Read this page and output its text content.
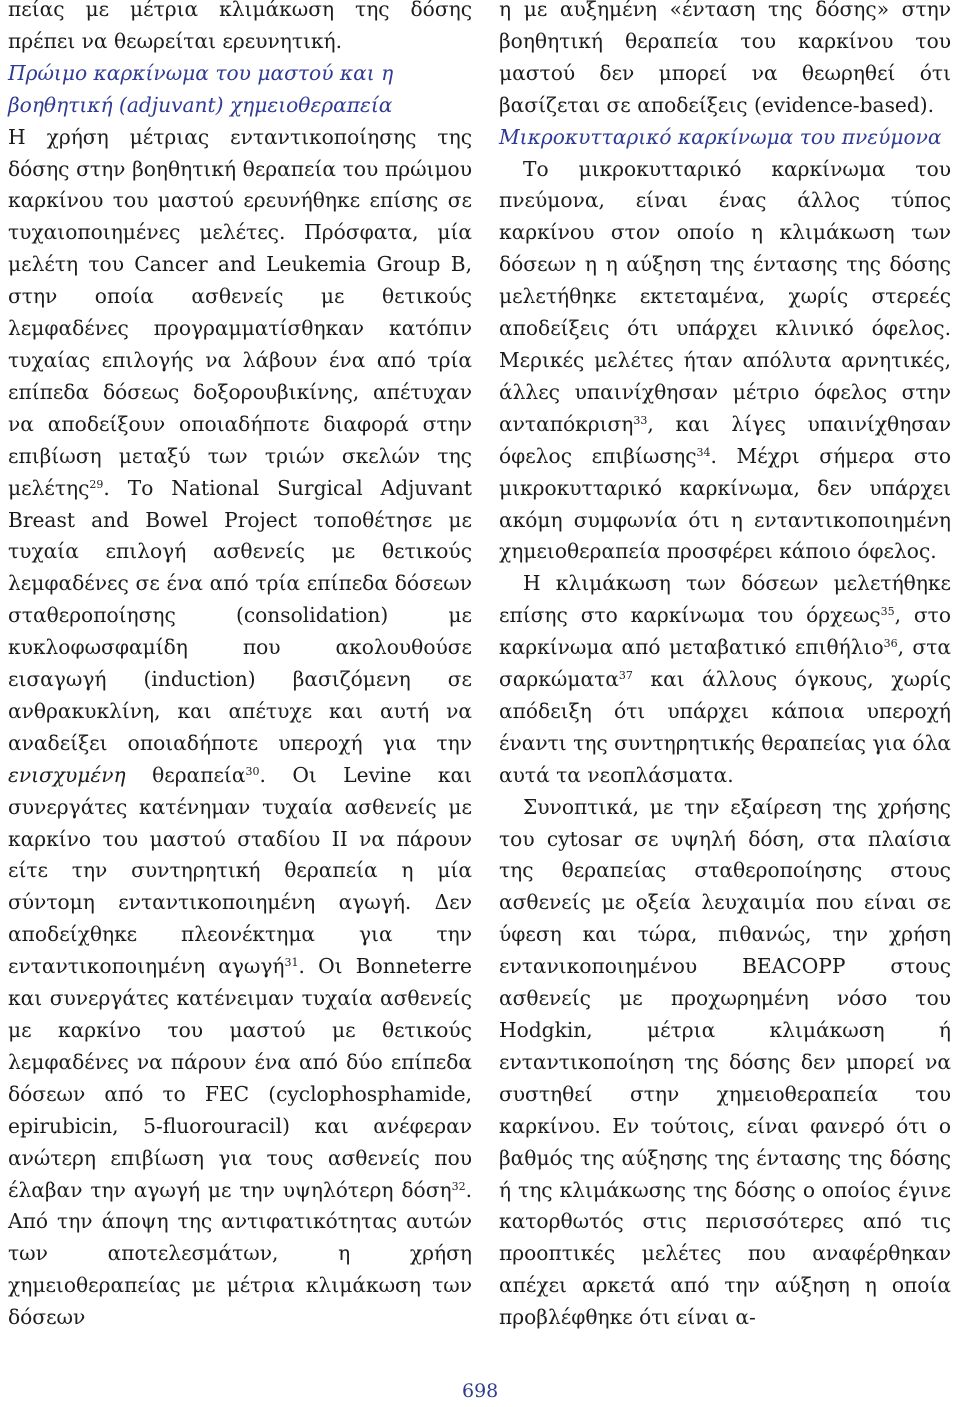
πείας με μέτρια κλιμάκωση της δόσης πρέπει να θεωρείται ερευνητική.

Πρώιμο καρκίνωμα του μαστού και η
βοηθητική (adjuvant) χημειοθεραπεία

Η χρήση μέτριας ενταντικοποίησης της δόσης στην βοηθητική θεραπεία του πρώιμου καρκίνου του μαστού ερευνήθηκε επίσης σε τυχαιοποιημένες μελέτες. Πρόσφατα, μία μελέτη του Cancer and Leukemia Group B, στην οποία ασθενείς με θετικούς λεμφαδένες προγραμματίσθηκαν κατόπιν τυχαίας επιλογής να λάβουν ένα από τρία επίπεδα δόσεως δοξορουβικίνης, απέτυχαν να αποδείξουν οποιαδήποτε διαφορά στην επιβίωση μεταξύ των τριών σκελών της μελέτης$^{29}$. Το National Surgical Adjuvant Breast and Bowel Project τοποθέτησε με τυχαία επιλογή ασθενείς με θετικούς λεμφαδένες σε ένα από τρία επίπεδα δόσεων σταθεροποίησης (consolidation) με κυκλοφωσφαμίδη που ακολουθούσε εισαγωγή (induction) βασιζόμενη σε ανθρακυκλίνη, και απέτυχε και αυτή να αναδείξει οποιαδήποτε υπεροχή για την ενισχυμένη θεραπεία$^{30}$. Οι Levine και συνεργάτες κατένημαν τυχαία ασθενείς με καρκίνο του μαστού σταδίου ΙΙ να πάρουν είτε την συντηρητική θεραπεία η μία σύντομη ενταντικοποιημένη αγωγή. Δεν αποδείχθηκε πλεονέκτημα για την ενταντικοποιημένη αγωγή$^{31}$. Οι Bonneterre και συνεργάτες κατένειμαν τυχαία ασθενείς με καρκίνο του μαστού με θετικούς λεμφαδένες να πάρουν ένα από δύο επίπεδα δόσεων από το FEC (cyclophosphamide, epirubicin, 5-fluorouracil) και ανέφεραν ανώτερη επιβίωση για τους ασθενείς που έλαβαν την αγωγή με την υψηλότερη δόση$^{32}$. Από την άποψη της αντιφατικότητας αυτών των αποτελεσμάτων, η χρήση χημειοθεραπείας με μέτρια κλιμάκωση των δόσεων

η με αυξημένη «ένταση της δόσης» στην βοηθητική θεραπεία του καρκίνου του μαστού δεν μπορεί να θεωρηθεί ότι βασίζεται σε αποδείξεις (evidence-based).

Μικροκυτταρικό καρκίνωμα του πνεύμονα

Το μικροκυτταρικό καρκίνωμα του πνεύμονα, είναι ένας άλλος τύπος καρκίνου στον οποίο η κλιμάκωση των δόσεων η η αύξηση της έντασης της δόσης μελετήθηκε εκτεταμένα, χωρίς στερεές αποδείξεις ότι υπάρχει κλινικό όφελος. Μερικές μελέτες ήταν απόλυτα αρνητικές, άλλες υπαινίχθησαν μέτριο όφελος στην ανταπόκριση$^{33}$, και λίγες υπαινίχθησαν όφελος επιβίωσης$^{34}$. Μέχρι σήμερα στο μικροκυτταρικό καρκίνωμα, δεν υπάρχει ακόμη συμφωνία ότι η ενταντικοποιημένη χημειοθεραπεία προσφέρει κάποιο όφελος.

Η κλιμάκωση των δόσεων μελετήθηκε επίσης στο καρκίνωμα του όρχεως$^{35}$, στο καρκίνωμα από μεταβατικό επιθήλιο$^{36}$, στα σαρκώματα$^{37}$ και άλλους όγκους, χωρίς απόδειξη ότι υπάρχει κάποια υπεροχή έναντι της συντηρητικής θεραπείας για όλα αυτά τα νεοπλάσματα.

Συνοπτικά, με την εξαίρεση της χρήσης του cytosar σε υψηλή δόση, στα πλαίσια της θεραπείας σταθεροποίησης στους ασθενείς με οξεία λευχαιμία που είναι σε ύφεση και τώρα, πιθανώς, την χρήση εντανικοποιημένου BEACOPP στους ασθενείς με προχωρημένη νόσο του Hodgkin, μέτρια κλιμάκωση ή ενταντικοποίηση της δόσης δεν μπορεί να συστηθεί στην χημειοθεραπεία του καρκίνου. Εν τούτοις, είναι φανερό ότι ο βαθμός της αύξησης της έντασης της δόσης ή της κλιμάκωσης της δόσης ο οποίος έγινε κατορθωτός στις περισσότερες από τις προοπτικές μελέτες που αναφέρθηκαν απέχει αρκετά από την αύξηση η οποία προβλέφθηκε ότι είναι α-

698
